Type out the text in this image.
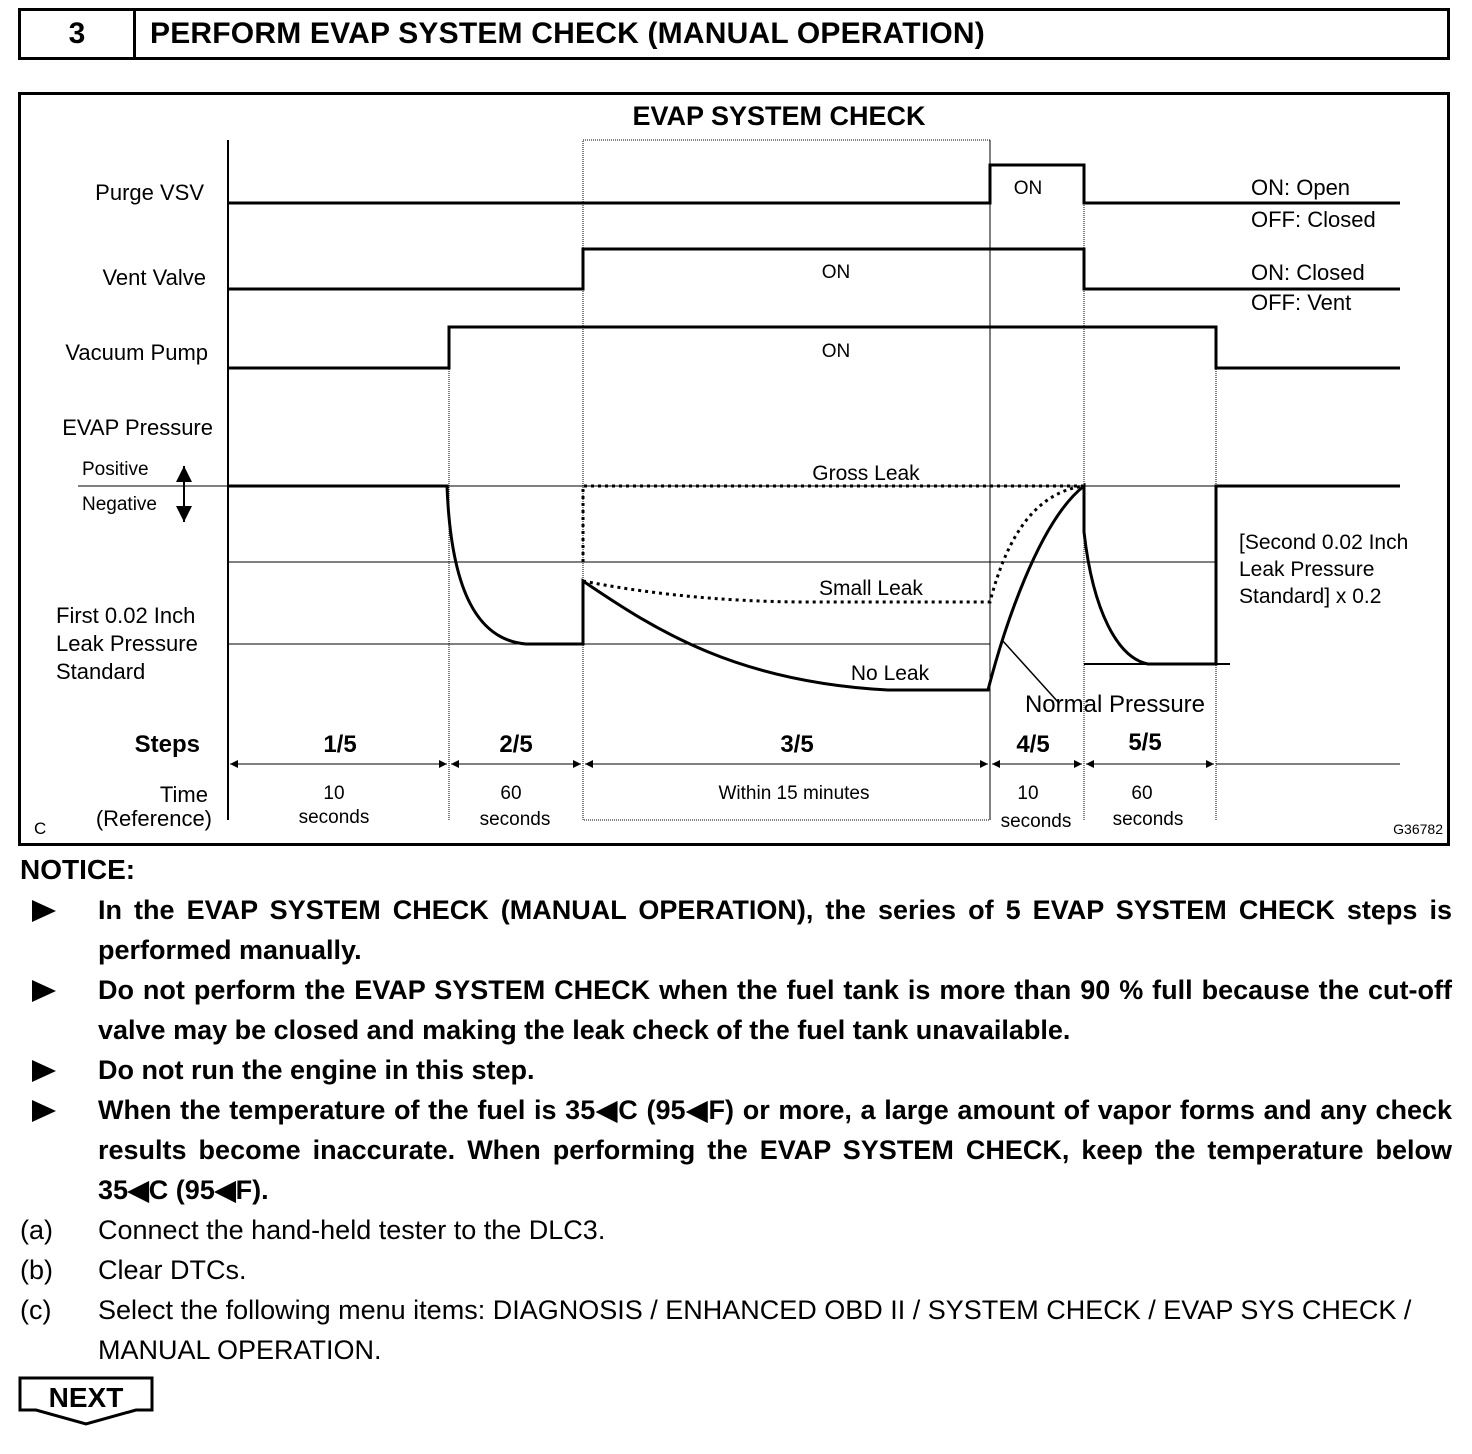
3	PERFORM EVAP SYSTEM CHECK (MANUAL OPERATION)
EVAP SYSTEM CHECK
Purge VSV
Vent Valve
Vacuum Pump
EVAP Pressure
Positive
Negative
First 0.02 Inch
Leak Pressure
Standard
ON	ON: Open
OFF: Closed
ON	ON: Closed
OFF: Vent
ON
Gross Leak
Small Leak
No Leak
Normal Pressure
[Second 0.02 Inch
Leak Pressure
Standard] x 0.2
Steps	1/5	2/5	3/5	4/5	5/5
Time
(Reference)
10
seconds
60
seconds
Within 15 minutes	10
seconds
60
seconds
C	G36782
NOTICE:
In the EVAP SYSTEM CHECK (MANUAL OPERATION), the series of 5 EVAP SYSTEM CHECK steps is performed manually.
Do not perform the EVAP SYSTEM CHECK when the fuel tank is more than 90 % full because the cut-off valve may be closed and making the leak check of the fuel tank unavailable.
Do not run the engine in this step.
When the temperature of the fuel is 35◀C (95◀F) or more, a large amount of vapor forms and any check results become inaccurate. When performing the EVAP SYSTEM CHECK, keep the temperature below 35◀C (95◀F).
(a) Connect the hand-held tester to the DLC3.
(b) Clear DTCs.
(c) Select the following menu items: DIAGNOSIS / ENHANCED OBD II / SYSTEM CHECK / EVAP SYS CHECK / MANUAL OPERATION.
NEXT
